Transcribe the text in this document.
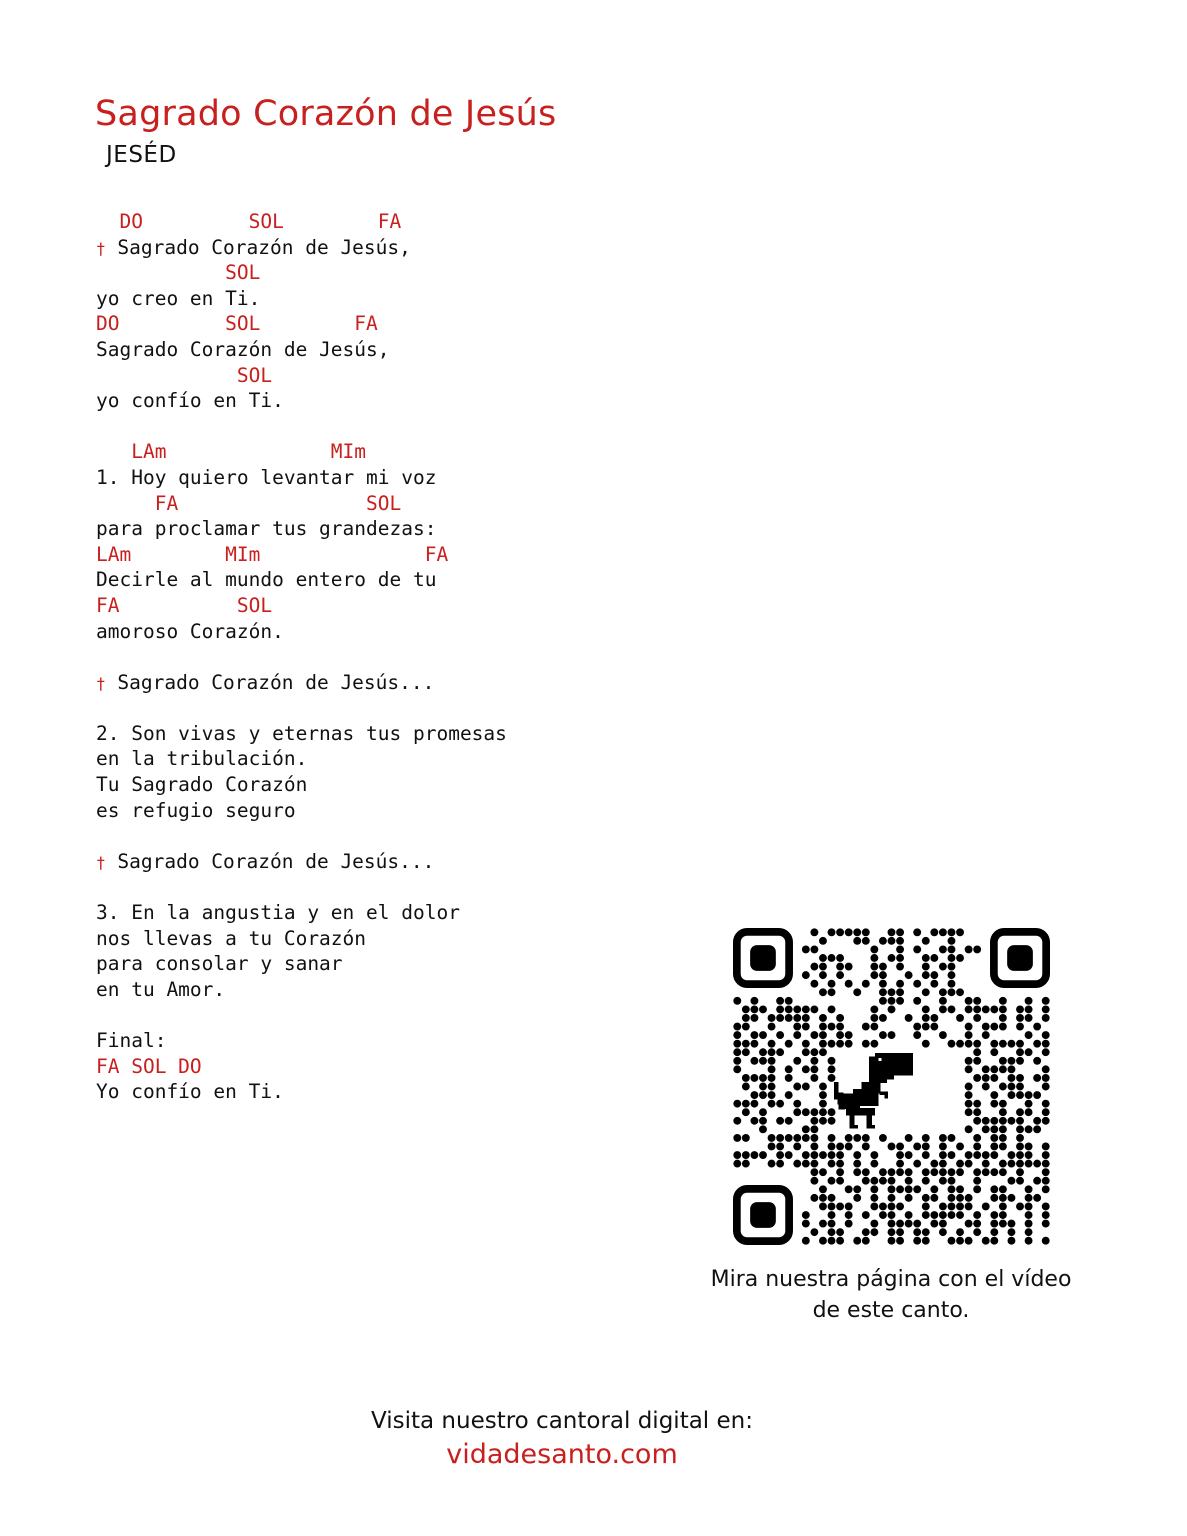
Sagrado Corazón de Jesús
JESÉD
DO         SOL        FA
† Sagrado Corazón de Jesús,
SOL
yo creo en Ti.
DO         SOL        FA
Sagrado Corazón de Jesús,
SOL
yo confío en Ti.
LAm              MIm
1. Hoy quiero levantar mi voz
FA                SOL
para proclamar tus grandezas:
LAm        MIm              FA
Decirle al mundo entero de tu
FA          SOL
amoroso Corazón.
† Sagrado Corazón de Jesús...
2. Son vivas y eternas tus promesas
en la tribulación.
Tu Sagrado Corazón
es refugio seguro
† Sagrado Corazón de Jesús...
3. En la angustia y en el dolor
nos llevas a tu Corazón
para consolar y sanar
en tu Amor.
Final:
FA SOL DO
Yo confío en Ti.
Mira nuestra página con el vídeo
de este canto.
Visita nuestro cantoral digital en:
vidadesanto.com
